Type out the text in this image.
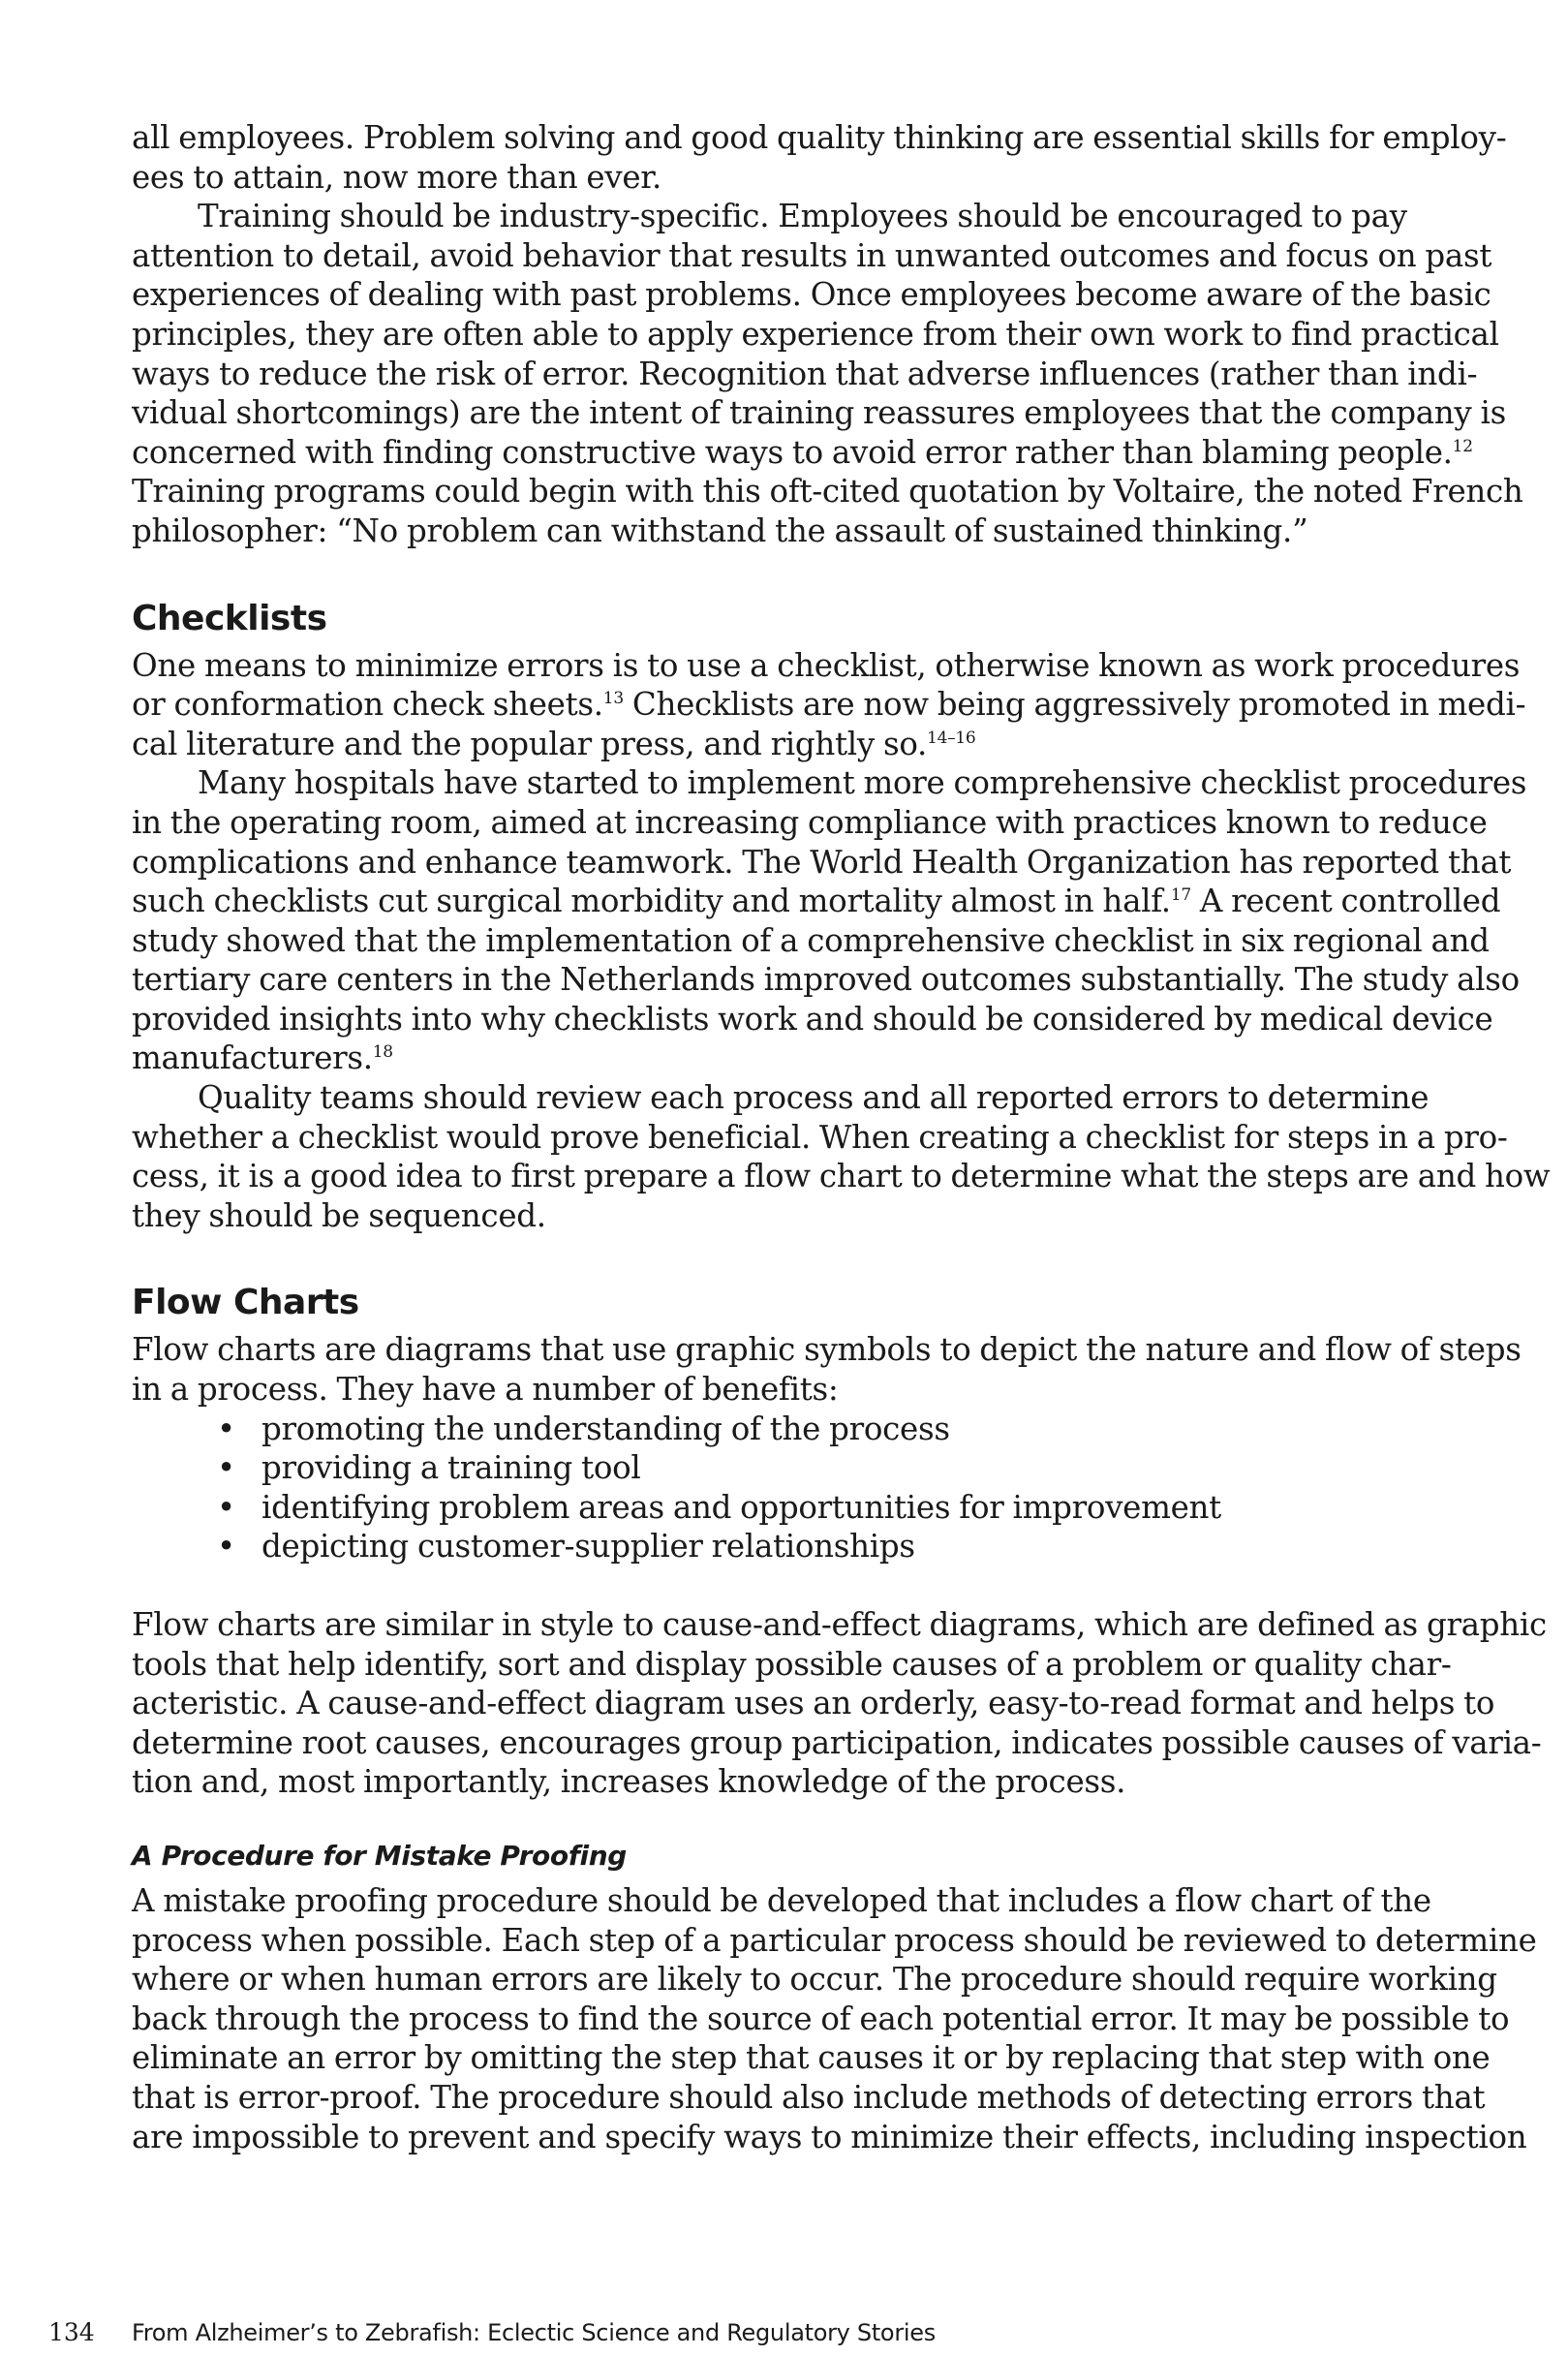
all employees. Problem solving and good quality thinking are essential skills for employ-
ees to attain, now more than ever.

Training should be industry-specific. Employees should be encouraged to pay
attention to detail, avoid behavior that results in unwanted outcomes and focus on past
experiences of dealing with past problems. Once employees become aware of the basic
principles, they are often able to apply experience from their own work to find practical
ways to reduce the risk of error. Recognition that adverse influences (rather than indi-
vidual shortcomings) are the intent of training reassures employees that the company is
concerned with finding constructive ways to avoid error rather than blaming people.$^{12}$
Training programs could begin with this oft-cited quotation by Voltaire, the noted French
philosopher: “No problem can withstand the assault of sustained thinking.”

Checklists

One means to minimize errors is to use a checklist, otherwise known as work procedures
or conformation check sheets.$^{13}$ Checklists are now being aggressively promoted in medi-
cal literature and the popular press, and rightly so.$^{14-16}$

Many hospitals have started to implement more comprehensive checklist procedures
in the operating room, aimed at increasing compliance with practices known to reduce
complications and enhance teamwork. The World Health Organization has reported that
such checklists cut surgical morbidity and mortality almost in half.$^{17}$ A recent controlled
study showed that the implementation of a comprehensive checklist in six regional and
tertiary care centers in the Netherlands improved outcomes substantially. The study also
provided insights into why checklists work and should be considered by medical device
manufacturers.$^{18}$

Quality teams should review each process and all reported errors to determine
whether a checklist would prove beneficial. When creating a checklist for steps in a pro-
cess, it is a good idea to first prepare a flow chart to determine what the steps are and how
they should be sequenced.

Flow Charts

Flow charts are diagrams that use graphic symbols to depict the nature and flow of steps
in a process. They have a number of benefits:

• promoting the understanding of the process
• providing a training tool
• identifying problem areas and opportunities for improvement
• depicting customer-supplier relationships

Flow charts are similar in style to cause-and-effect diagrams, which are defined as graphic
tools that help identify, sort and display possible causes of a problem or quality char-
acteristic. A cause-and-effect diagram uses an orderly, easy-to-read format and helps to
determine root causes, encourages group participation, indicates possible causes of varia-
tion and, most importantly, increases knowledge of the process.

A Procedure for Mistake Proofing

A mistake proofing procedure should be developed that includes a flow chart of the
process when possible. Each step of a particular process should be reviewed to determine
where or when human errors are likely to occur. The procedure should require working
back through the process to find the source of each potential error. It may be possible to
eliminate an error by omitting the step that causes it or by replacing that step with one
that is error-proof. The procedure should also include methods of detecting errors that
are impossible to prevent and specify ways to minimize their effects, including inspection

134 From Alzheimer’s to Zebrafish: Eclectic Science and Regulatory Stories
